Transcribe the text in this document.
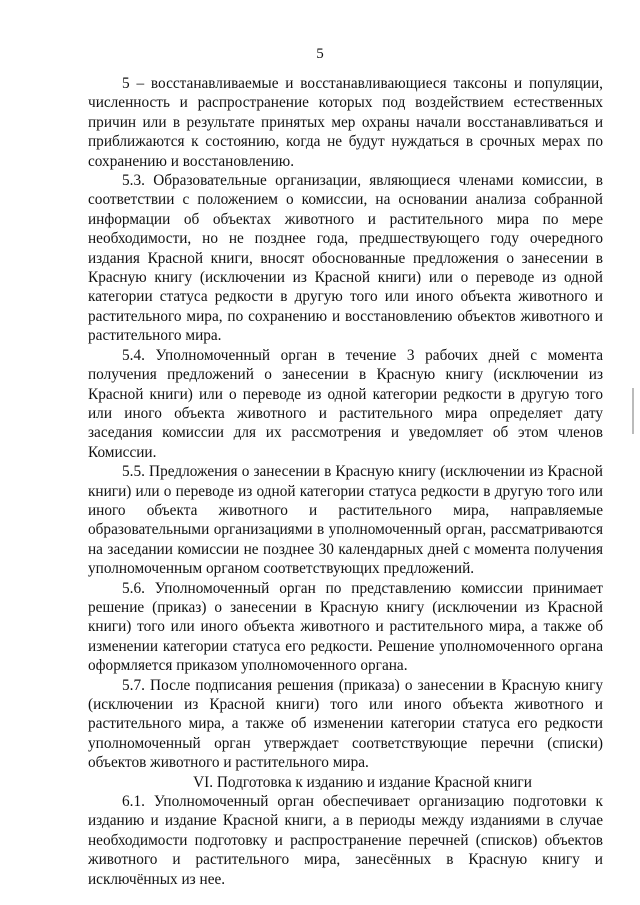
5

5 – восстанавливаемые и восстанавливающиеся таксоны и популяции, численность и распространение которых под воздействием естественных причин или в результате принятых мер охраны начали восстанавливаться и приближаются к состоянию, когда не будут нуждаться в срочных мерах по сохранению и восстановлению.

5.3. Образовательные организации, являющиеся членами комиссии, в соответствии с положением о комиссии, на основании анализа собранной информации об объектах животного и растительного мира по мере необходимости, но не позднее года, предшествующего году очередного издания Красной книги, вносят обоснованные предложения о занесении в Красную книгу (исключении из Красной книги) или о переводе из одной категории статуса редкости в другую того или иного объекта животного и растительного мира, по сохранению и восстановлению объектов животного и растительного мира.

5.4. Уполномоченный орган в течение 3 рабочих дней с момента получения предложений о занесении в Красную книгу (исключении из Красной книги) или о переводе из одной категории редкости в другую того или иного объекта животного и растительного мира определяет дату заседания комиссии для их рассмотрения и уведомляет об этом членов Комиссии.

5.5. Предложения о занесении в Красную книгу (исключении из Красной книги) или о переводе из одной категории статуса редкости в другую того или иного объекта животного и растительного мира, направляемые образовательными организациями в уполномоченный орган, рассматриваются на заседании комиссии не позднее 30 календарных дней с момента получения уполномоченным органом соответствующих предложений.

5.6. Уполномоченный орган по представлению комиссии принимает решение (приказ) о занесении в Красную книгу (исключении из Красной книги) того или иного объекта животного и растительного мира, а также об изменении категории статуса его редкости. Решение уполномоченного органа оформляется приказом уполномоченного органа.

5.7. После подписания решения (приказа) о занесении в Красную книгу (исключении из Красной книги) того или иного объекта животного и растительного мира, а также об изменении категории статуса его редкости уполномоченный орган утверждает соответствующие перечни (списки) объектов животного и растительного мира.

VI. Подготовка к изданию и издание Красной книги

6.1. Уполномоченный орган обеспечивает организацию подготовки к изданию и издание Красной книги, а в периоды между изданиями в случае необходимости подготовку и распространение перечней (списков) объектов животного и растительного мира, занесённых в Красную книгу и исключённых из нее.
